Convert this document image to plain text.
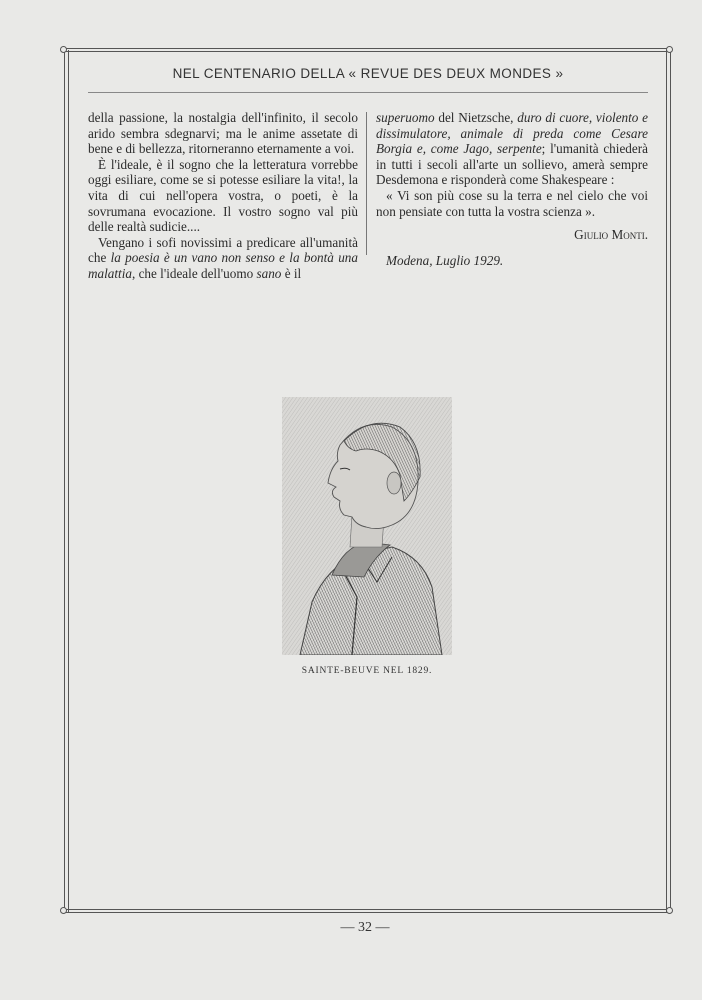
NEL CENTENARIO DELLA « REVUE DES DEUX MONDES »

della passione, la nostalgia dell'infinito, il secolo arido sembra sdegnarvi; ma le anime assetate di bene e di bellezza, ritorneranno eternamente a voi.

È l'ideale, è il sogno che la letteratura vorrebbe oggi esiliare, come se si potesse esiliare la vita!, la vita di cui nell'opera vostra, o poeti, è la sovrumana evocazione. Il vostro sogno val più delle realtà sudicie....

Vengano i sofi novissimi a predicare all'umanità che la poesia è un vano non senso e la bontà una malattia, che l'ideale dell'uomo sano è il

superuomo del Nietzsche, duro di cuore, violento e dissimulatore, animale di preda come Cesare Borgia e, come Jago, serpente; l'umanità chiederà in tutti i secoli all'arte un sollievo, amerà sempre Desdemona e risponderà come Shakespeare :

« Vi son più cose su la terra e nel cielo che voi non pensiate con tutta la vostra scienza ».

Giulio Monti.

Modena, Luglio 1929.

SAINTE-BEUVE NEL 1829.
— 32 —
